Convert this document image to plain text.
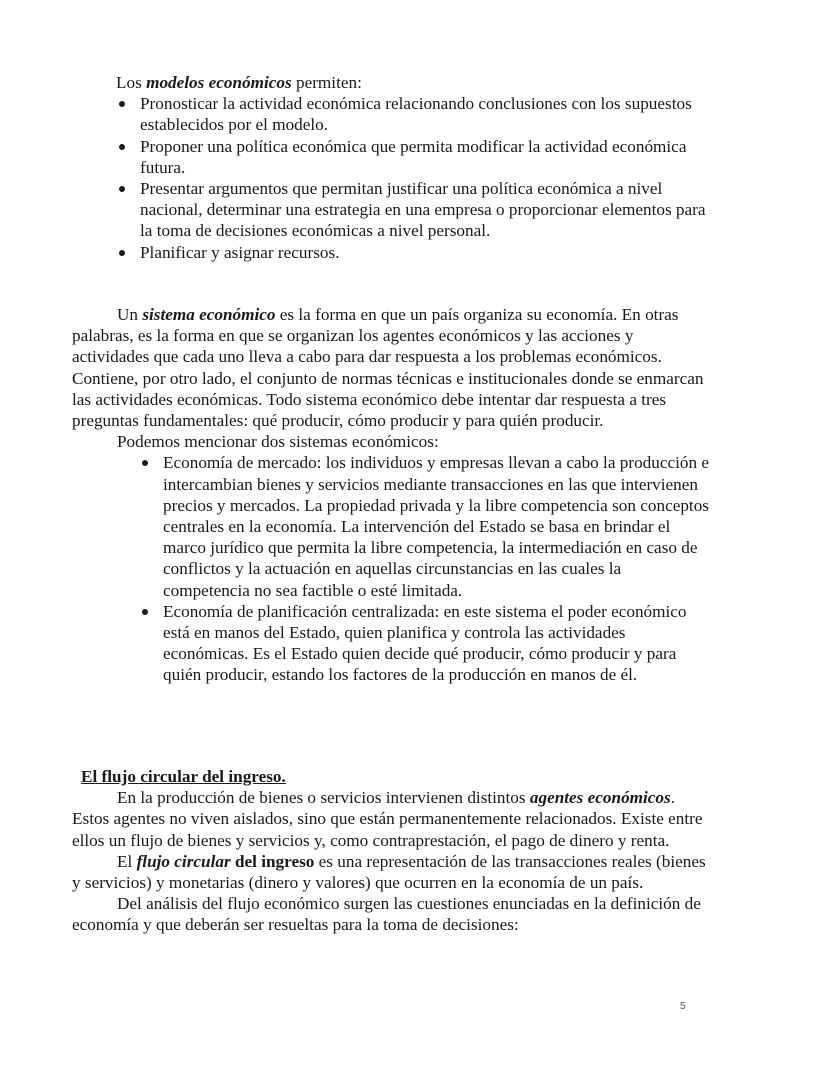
Los modelos económicos permiten:

Pronosticar la actividad económica relacionando conclusiones con los supuestos establecidos por el modelo.
Proponer una política económica que permita modificar la actividad económica futura.
Presentar argumentos que permitan justificar una política económica a nivel nacional, determinar una estrategia en una empresa o proporcionar elementos para la toma de decisiones económicas a nivel personal.
Planificar y asignar recursos.

Un sistema económico es la forma en que un país organiza su economía. En otras palabras, es la forma en que se organizan los agentes económicos y las acciones y actividades que cada uno lleva a cabo para dar respuesta a los problemas económicos. Contiene, por otro lado, el conjunto de normas técnicas e institucionales donde se enmarcan las actividades económicas. Todo sistema económico debe intentar dar respuesta a tres preguntas fundamentales: qué producir, cómo producir y para quién producir.

Podemos mencionar dos sistemas económicos:

Economía de mercado: los individuos y empresas llevan a cabo la producción e intercambian bienes y servicios mediante transacciones en las que intervienen precios y mercados. La propiedad privada y la libre competencia son conceptos centrales en la economía. La intervención del Estado se basa en brindar el marco jurídico que permita la libre competencia, la intermediación en caso de conflictos y la actuación en aquellas circunstancias en las cuales la competencia no sea factible o esté limitada.
Economía de planificación centralizada: en este sistema el poder económico está en manos del Estado, quien planifica y controla las actividades económicas. Es el Estado quien decide qué producir, cómo producir y para quién producir, estando los factores de la producción en manos de él.

El flujo circular del ingreso.

En la producción de bienes o servicios intervienen distintos agentes económicos. Estos agentes no viven aislados, sino que están permanentemente relacionados. Existe entre ellos un flujo de bienes y servicios y, como contraprestación, el pago de dinero y renta.

El flujo circular del ingreso es una representación de las transacciones reales (bienes y servicios) y monetarias (dinero y valores) que ocurren en la economía de un país.

Del análisis del flujo económico surgen las cuestiones enunciadas en la definición de economía y que deberán ser resueltas para la toma de decisiones:

5
